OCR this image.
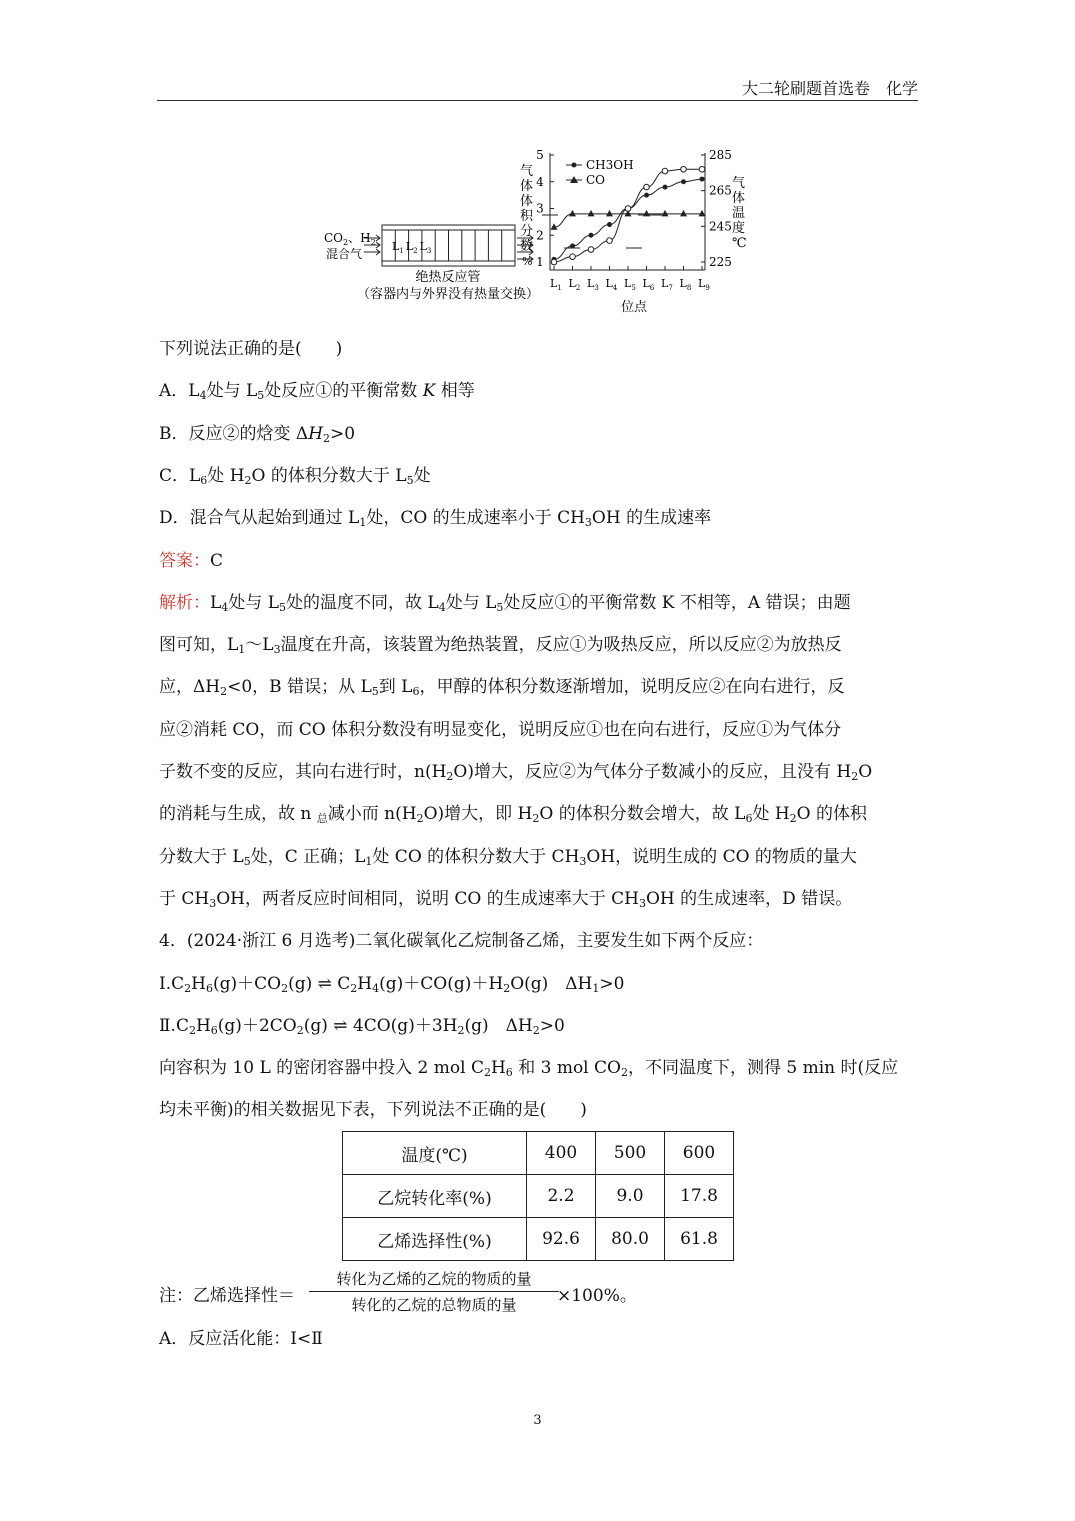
大二轮刷题首选卷　化学
$L_1$ $L_2$ $L_3$
$CO_2$、$H_2$
混合气
绝热反应管
（容器内与外界没有热量交换）
气
体
体
积
分
数
%
气
体
温
度
℃
1
2
3
4
5
225
245
265
285
$L_1$ $L_2$ $L_3$ $L_4$ $L_5$ $L_6$ $L_7$ $L_8$ $L_9$
CH3OH
CO
位点
下列说法正确的是(　　)
A．$L_4$处与 $L_5$处反应①的平衡常数 K 相等
B．反应②的焓变 $\Delta H_2>0$
C．$L_6$处 $H_2O$ 的体积分数大于 $L_5$处
D．混合气从起始到通过 $L_1$处，CO 的生成速率小于 $CH_3OH$ 的生成速率
答案：C
解析：$L_4$处与 $L_5$处的温度不同，故 $L_4$处与 $L_5$处反应①的平衡常数 K 不相等，A 错误；由题
图可知，$L_1\sim L_3$温度在升高，该装置为绝热装置，反应①为吸热反应，所以反应②为放热反
应，$\Delta H_2<0$，B 错误；从 $L_5$到 $L_6$，甲醇的体积分数逐渐增加，说明反应②在向右进行，反
应②消耗 CO，而 CO 体积分数没有明显变化，说明反应①也在向右进行，反应①为气体分
子数不变的反应，其向右进行时，$n(H_2O)$增大，反应②为气体分子数减小的反应，且没有 $H_2O$
的消耗与生成，故 n $_总$减小而 $n(H_2O)$增大，即 $H_2O$ 的体积分数会增大，故 $L_6$处 $H_2O$ 的体积
分数大于 $L_5$处，C 正确；$L_1$处 CO 的体积分数大于 $CH_3OH$，说明生成的 CO 的物质的量大
于 $CH_3OH$，两者反应时间相同，说明 CO 的生成速率大于 $CH_3OH$ 的生成速率，D 错误。
4．(2024·浙江 6 月选考)二氧化碳氧化乙烷制备乙烯，主要发生如下两个反应：
$Ⅰ.C_2H_6(g)+CO_2(g)$ ⇌ $C_2H_4(g)+CO(g)+H_2O(g)$　$\Delta H_1>0$
$Ⅱ.C_2H_6(g)+2CO_2(g)$ ⇌ $4CO(g)+3H_2(g)$　$\Delta H_2>0$
向容积为 10 L 的密闭容器中投入 2 mol $C_2H_6$ 和 3 mol $CO_2$，不同温度下，测得 5 min 时(反应
均未平衡)的相关数据见下表，下列说法不正确的是(　　)
温度(℃)	400	500	600
乙烷转化率(%)	2.2	9.0	17.8
乙烯选择性(%)	92.6	80.0	61.8
注：乙烯选择性＝
转化为乙烯的乙烷的物质的量
转化的乙烷的总物质的量	×100%。
A．反应活化能：Ⅰ<Ⅱ
3
